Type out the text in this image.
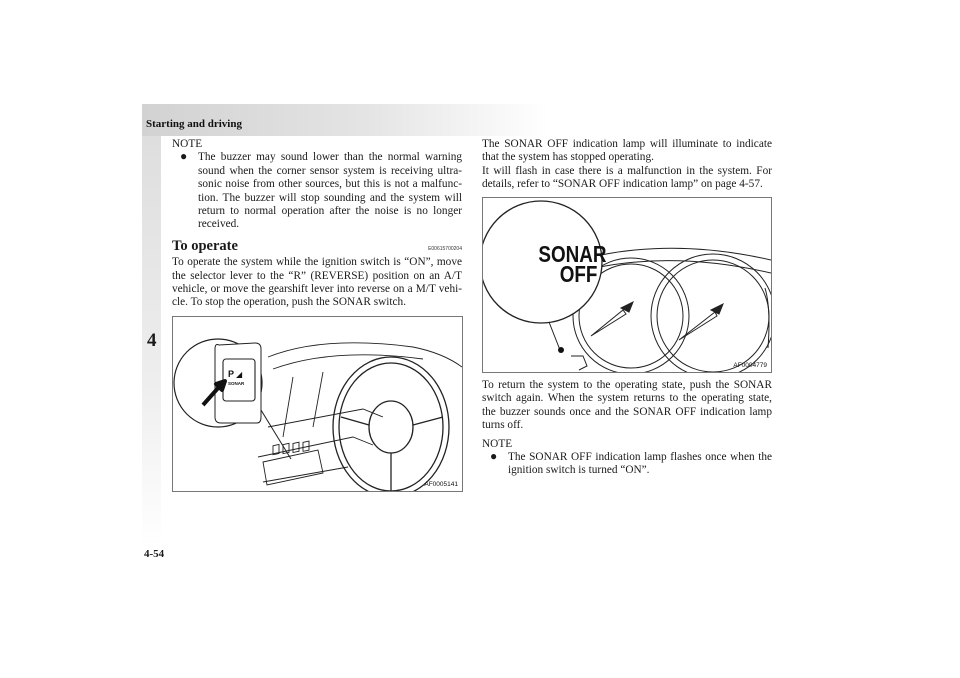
Starting and driving
4
4-54
NOTE
● The buzzer may sound lower than the normal warning sound when the corner sensor system is receiving ultra-sonic noise from other sources, but this is not a malfunc-tion. The buzzer will stop sounding and the system will return to normal operation after the noise is no longer received.
To operate	E00615700204

To operate the system while the ignition switch is “ON”, move the selector lever to the “R” (REVERSE) position on an A/T vehicle, or move the gearshift lever into reverse on a M/T vehi-cle. To stop the operation, push the SONAR switch.

P ◢
SONAR
AF0005141

The SONAR OFF indication lamp will illuminate to indicate that the system has stopped operating.

It will flash in case there is a malfunction in the system. For details, refer to “SONAR OFF indication lamp” on page 4-57.

SONAR
OFF
AF0004779

To return the system to the operating state, push the SONAR switch again. When the system returns to the operating state, the buzzer sounds once and the SONAR OFF indication lamp turns off.

NOTE
● The SONAR OFF indication lamp flashes once when the ignition switch is turned “ON”.
